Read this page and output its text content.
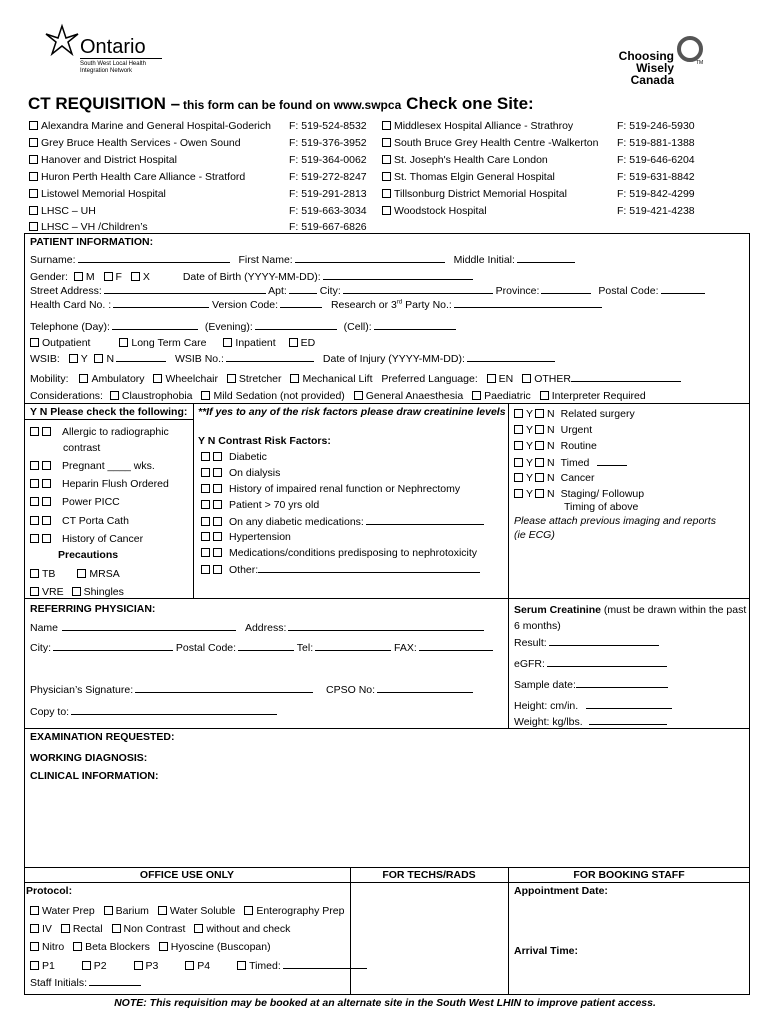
Ontario
South West Local Health
Integration Network
Choosing
Wisely
Canada
TM
CT REQUISITION – this form can be found on www.swpca Check one Site:
Alexandra Marine and General Hospital-Goderich F: 519-524-8532
Grey Bruce Health Services - Owen Sound	F: 519-376-3952
Hanover and District Hospital	F: 519-364-0062
Huron Perth Health Care Alliance - Stratford	F: 519-272-8247
Listowel Memorial Hospital	F: 519-291-2813
LHSC – UH	F: 519-663-3034
LHSC – VH /Children’s	F: 519-667-6826
Middlesex Hospital Alliance - Strathroy	F: 519-246-5930
South Bruce Grey Health Centre -Walkerton F: 519-881-1388
St. Joseph's Health Care London	F: 519-646-6204
St. Thomas Elgin General Hospital	F: 519-631-8842
Tillsonburg District Memorial Hospital	F: 519-842-4299
Woodstock Hospital	F: 519-421-4238
PATIENT INFORMATION:
Surname:	First Name:	Middle Initial:
Gender: M F X	Date of Birth (YYYY-MM-DD):
Street Address:	Apt:	City:	Province:	Postal Code:
Health Card No. :	Version Code:	Research or 3rd Party No.:
Telephone (Day):	(Evening):	(Cell):
Outpatient	Long Term Care	Inpatient ED
WSIB: Y N	WSIB No.:	Date of Injury (YYYY-MM-DD):
Mobility: Ambulatory Wheelchair Stretcher Mechanical Lift Preferred Language: EN OTHER
Considerations: Claustrophobia Mild Sedation (not provided) General Anaesthesia Paediatric Interpreter Required
Y N Please check the following:
Allergic to radiographic
contrast
Pregnant ____ wks.
Heparin Flush Ordered
Power PICC
CT Porta Cath
History of Cancer
Precautions
TB	MRSA
VRE Shingles
**If yes to any of the risk factors please draw creatinine levels
Y N Contrast Risk Factors:
Diabetic
On dialysis
History of impaired renal function or Nephrectomy
Patient > 70 yrs old
On any diabetic medications:
Hypertension
Medications/conditions predisposing to nephrotoxicity
Other:
Y N Related surgery
Y N Urgent
Y N Routine
Y N Timed
Y N Cancer
Y N Staging/ Followup
Timing of above
Please attach previous imaging and reports
(ie ECG)
REFERRING PHYSICIAN:
Name	Address:
City:	Postal Code:	Tel:	FAX:
Physician’s Signature:	CPSO No:
Copy to:
Serum Creatinine (must be drawn within the past
6 months)
Result:
eGFR:
Sample date:
Height: cm/in.
Weight: kg/lbs.
EXAMINATION REQUESTED:
WORKING DIAGNOSIS:
CLINICAL INFORMATION:
OFFICE USE ONLY	FOR TECHS/RADS	FOR BOOKING STAFF
Protocol:
Water Prep Barium Water Soluble Enterography Prep
IV Rectal Non Contrast without and check
Nitro Beta Blockers Hyoscine (Buscopan)
P1	P2	P3	P4	Timed:
Staff Initials:
Appointment Date:
Arrival Time:
NOTE: This requisition may be booked at an alternate site in the South West LHIN to improve patient access.
